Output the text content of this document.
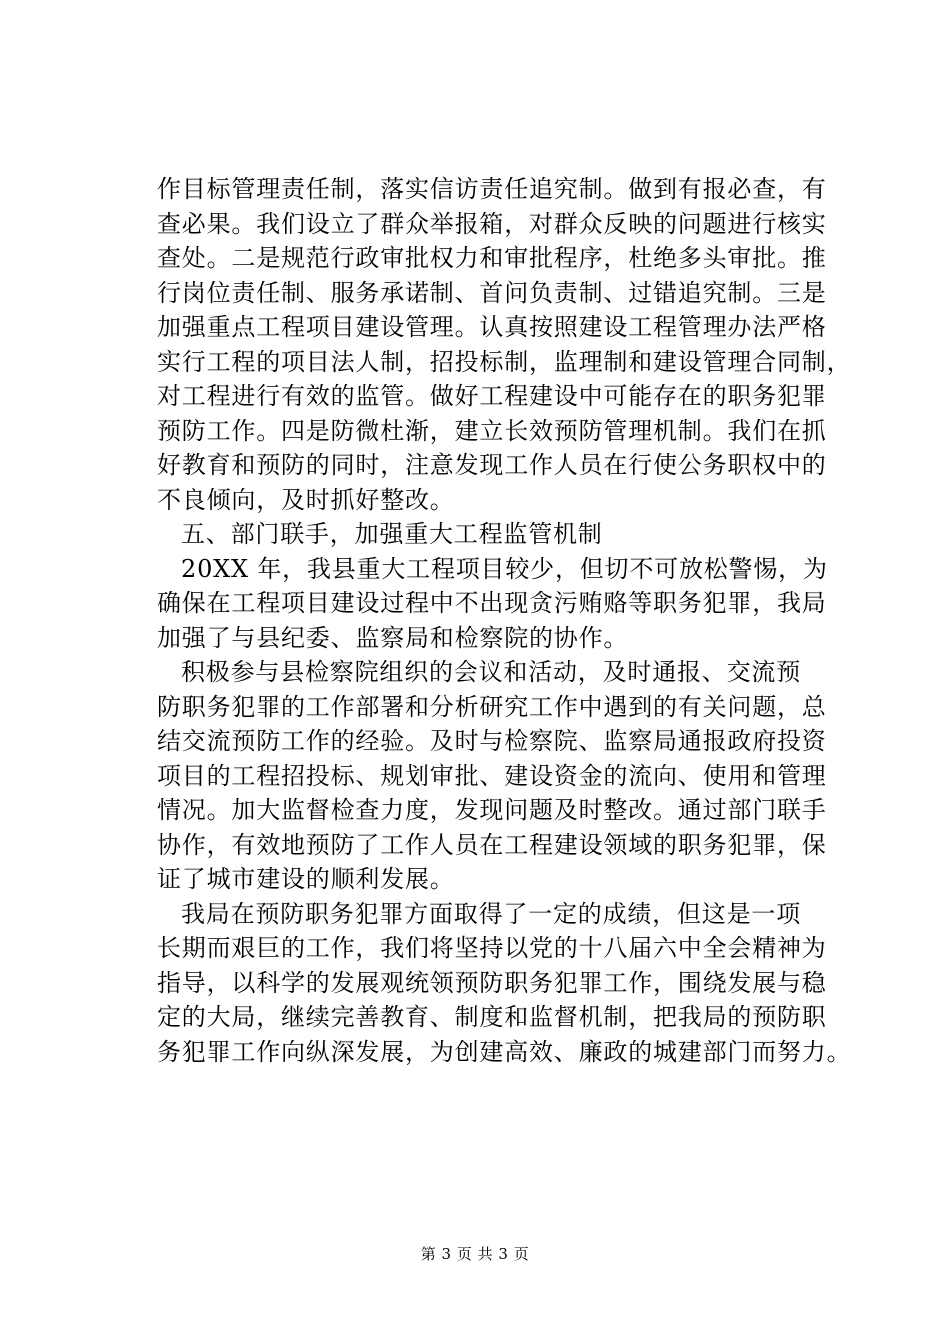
作目标管理责任制，落实信访责任追究制。做到有报必查，有
查必果。我们设立了群众举报箱，对群众反映的问题进行核实
查处。二是规范行政审批权力和审批程序，杜绝多头审批。推
行岗位责任制、服务承诺制、首问负责制、过错追究制。三是
加强重点工程项目建设管理。认真按照建设工程管理办法严格
实行工程的项目法人制，招投标制，监理制和建设管理合同制，
对工程进行有效的监管。做好工程建设中可能存在的职务犯罪
预防工作。四是防微杜渐，建立长效预防管理机制。我们在抓
好教育和预防的同时，注意发现工作人员在行使公务职权中的
不良倾向，及时抓好整改。
五、部门联手，加强重大工程监管机制
20XX 年，我县重大工程项目较少，但切不可放松警惕，为
确保在工程项目建设过程中不出现贪污贿赂等职务犯罪，我局
加强了与县纪委、监察局和检察院的协作。
积极参与县检察院组织的会议和活动，及时通报、交流预
防职务犯罪的工作部署和分析研究工作中遇到的有关问题，总
结交流预防工作的经验。及时与检察院、监察局通报政府投资
项目的工程招投标、规划审批、建设资金的流向、使用和管理
情况。加大监督检查力度，发现问题及时整改。通过部门联手
协作，有效地预防了工作人员在工程建设领域的职务犯罪，保
证了城市建设的顺利发展。
我局在预防职务犯罪方面取得了一定的成绩，但这是一项
长期而艰巨的工作，我们将坚持以党的十八届六中全会精神为
指导，以科学的发展观统领预防职务犯罪工作，围绕发展与稳
定的大局，继续完善教育、制度和监督机制，把我局的预防职
务犯罪工作向纵深发展，为创建高效、廉政的城建部门而努力。
第 3 页 共 3 页
